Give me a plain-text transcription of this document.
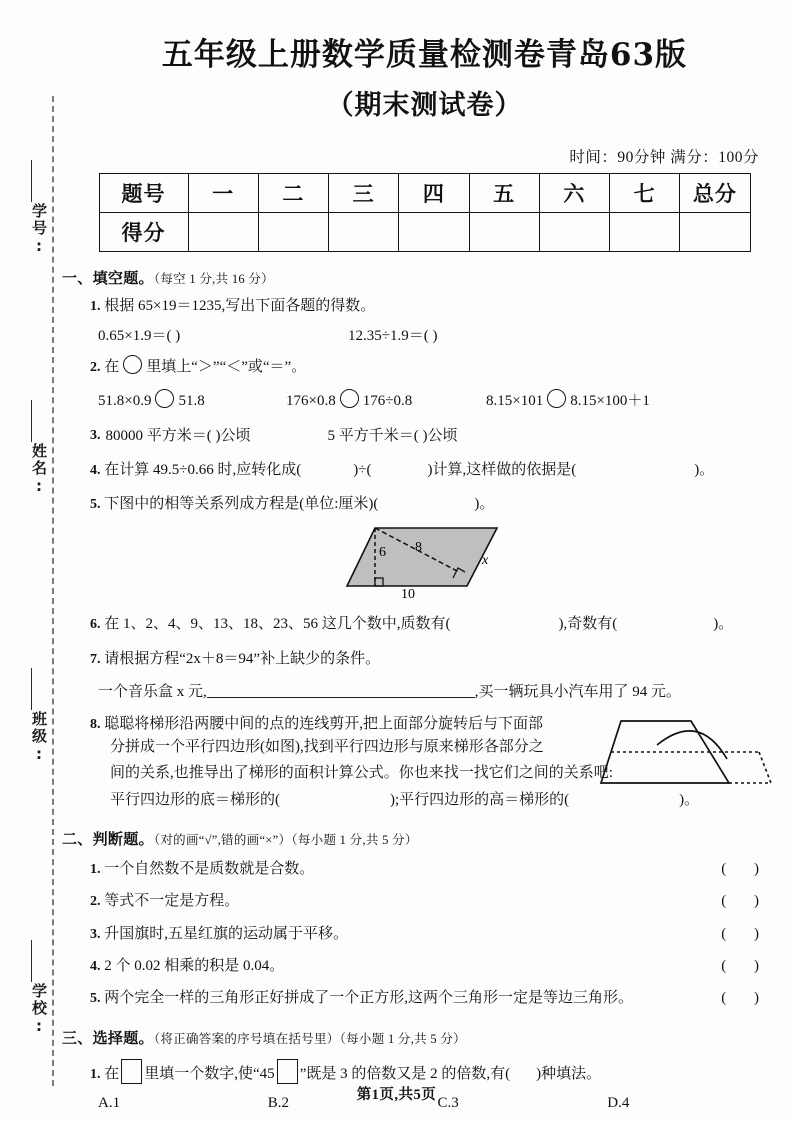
学号:
姓名:
班级:
学校:
五年级上册数学质量检测卷青岛63版
（期末测试卷）
时间：90分钟 满分：100分
题号	一	二	三	四	五	六	七	总分
得分								
一、填空题。（每空 1 分,共 16 分）
1. 根据 65×19＝1235,写出下面各题的得数。
0.65×1.9＝( )	12.35÷1.9＝( )
2. 在 里填上“＞”“＜”或“＝”。
51.8×0.9 51.8	176×0.8 176÷0.8	8.15×101 8.15×100＋1
3. 80000 平方米＝( )公顷	5 平方千米＝( )公顷
4. 在计算 49.5÷0.66 时,应转化成(	)÷(	)计算,这样做的依据是(	)。
5. 下图中的相等关系列成方程是(单位:厘米)(	)。
6 8
x
10
6. 在 1、2、4、9、13、18、23、56 这几个数中,质数有(	),奇数有(	)。
7. 请根据方程“2x＋8＝94”补上缺少的条件。
一个音乐盒 x 元,	,买一辆玩具小汽车用了 94 元。
8. 聪聪将梯形沿两腰中间的点的连线剪开,把上面部分旋转后与下面部
分拼成一个平行四边形(如图),找到平行四边形与原来梯形各部分之
间的关系,也推导出了梯形的面积计算公式。你也来找一找它们之间的关系吧:
平行四边形的底＝梯形的(	);平行四边形的高＝梯形的(	)。
二、判断题。（对的画“√”,错的画“×”）（每小题 1 分,共 5 分）
1. 一个自然数不是质数就是合数。	( )
2. 等式不一定是方程。	( )
3. 升国旗时,五星红旗的运动属于平移。	( )
4. 2 个 0.02 相乘的积是 0.04。	( )
5. 两个完全一样的三角形正好拼成了一个正方形,这两个三角形一定是等边三角形。	( )
三、选择题。（将正确答案的序号填在括号里）（每小题 1 分,共 5 分）
1. 在 里填一个数字,使“45 ”既是 3 的倍数又是 2 的倍数,有( )种填法。
A.1	B.2	C.3	D.4
第1页,共5页
